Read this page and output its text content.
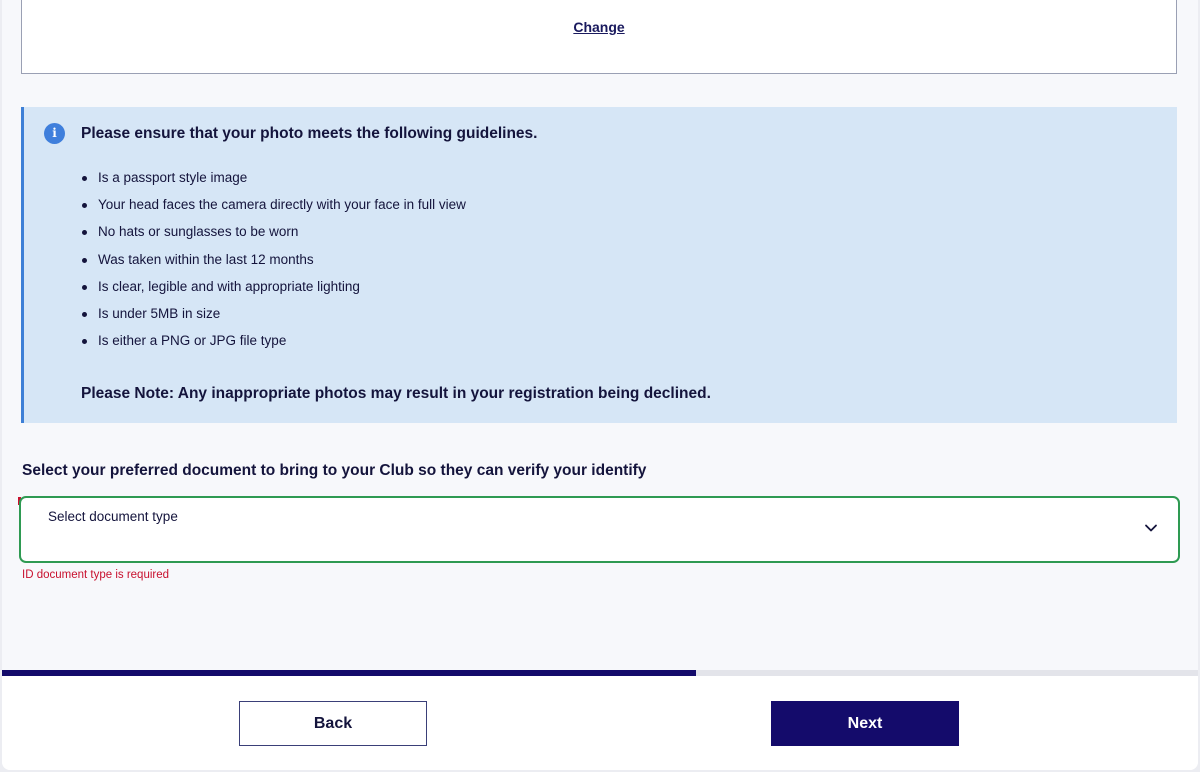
Change
i	Please ensure that your photo meets the following guidelines.
Is a passport style image
Your head faces the camera directly with your face in full view
No hats or sunglasses to be worn
Was taken within the last 12 months
Is clear, legible and with appropriate lighting
Is under 5MB in size
Is either a PNG or JPG file type
Please Note: Any inappropriate photos may result in your registration being declined.
Select your preferred document to bring to your Club so they can verify your identify
Select document type
ID document type is required
Back	Next
